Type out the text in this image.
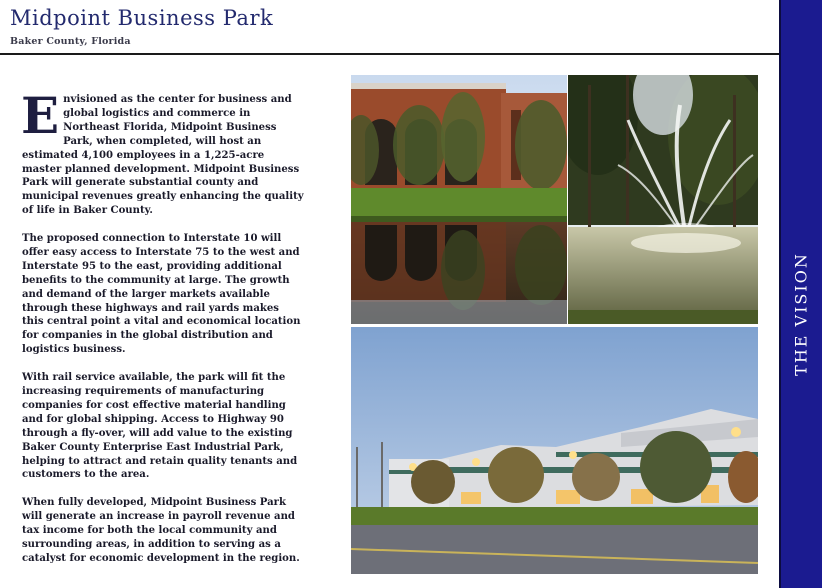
Midpoint Business Park
Baker County, Florida
THE VISION

Envisioned as the center for business and global logistics and commerce in Northeast Florida, Midpoint Business Park, when completed, will host an estimated 4,100 employees in a 1,225-acre master planned development. Midpoint Business Park will generate substantial county and municipal revenues greatly enhancing the quality of life in Baker County.

The proposed connection to Interstate 10 will offer easy access to Interstate 75 to the west and Interstate 95 to the east, providing additional benefits to the community at large. The growth and demand of the larger markets available through these highways and rail yards makes this central point a vital and economical location for companies in the global distribution and logistics business.

With rail service available, the park will fit the increasing requirements of manufacturing companies for cost effective material handling and for global shipping. Access to Highway 90 through a fly-over, will add value to the existing Baker County Enterprise East Industrial Park, helping to attract and retain quality tenants and customers to the area.

When fully developed, Midpoint Business Park will generate an increase in payroll revenue and tax income for both the local community and surrounding areas, in addition to serving as a catalyst for economic development in the region.
